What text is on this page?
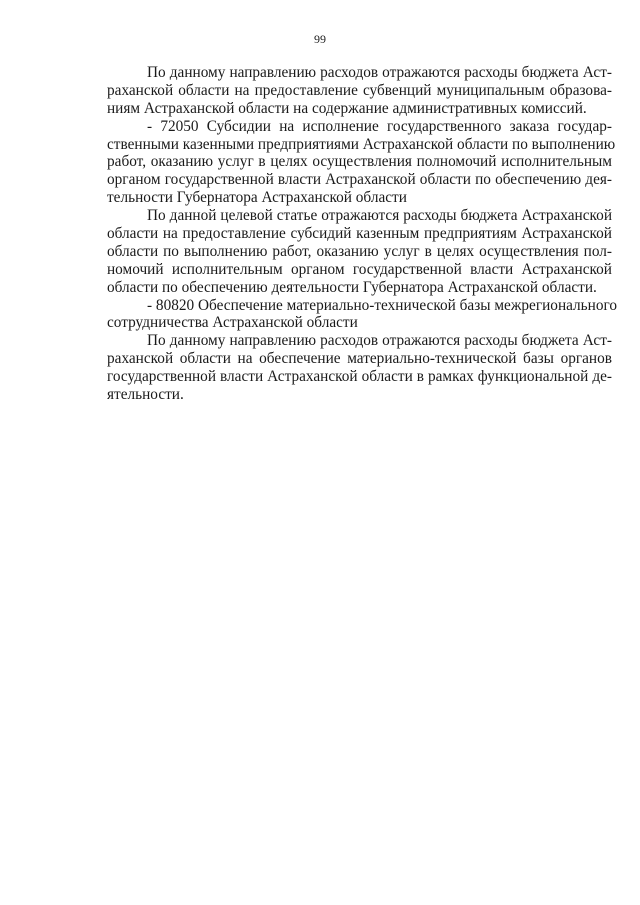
99
По данному направлению расходов отражаются расходы бюджета Аст-
раханской области на предоставление субвенций муниципальным образова-
ниям Астраханской области на содержание административных комиссий.
- 72050 Субсидии на исполнение государственного заказа государ-
ственными казенными предприятиями Астраханской области по выполнению
работ, оказанию услуг в целях осуществления полномочий исполнительным
органом государственной власти Астраханской области по обеспечению дея-
тельности Губернатора Астраханской области
По данной целевой статье отражаются расходы бюджета Астраханской
области на предоставление субсидий казенным предприятиям Астраханской
области по выполнению работ, оказанию услуг в целях осуществления пол-
номочий исполнительным органом государственной власти Астраханской
области по обеспечению деятельности Губернатора Астраханской области.
- 80820 Обеспечение материально-технической базы межрегионального
сотрудничества Астраханской области
По данному направлению расходов отражаются расходы бюджета Аст-
раханской области на обеспечение материально-технической базы органов
государственной власти Астраханской области в рамках функциональной де-
ятельности.
